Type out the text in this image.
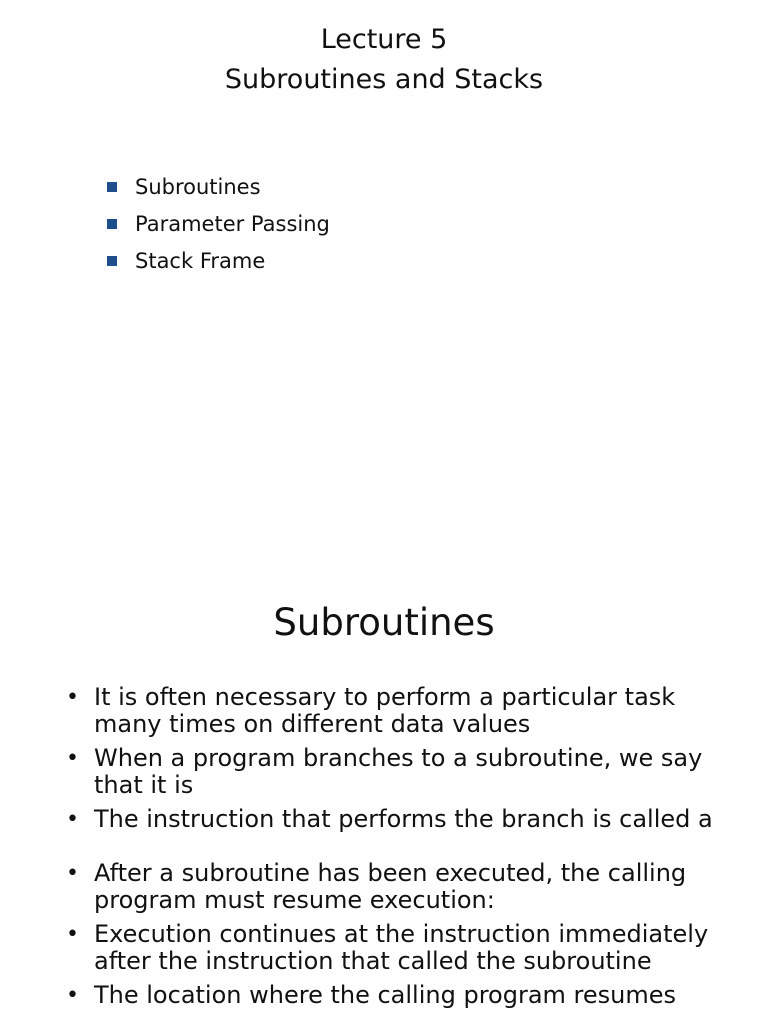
Lecture 5
Subroutines and Stacks
Subroutines
Parameter Passing
Stack Frame
Subroutines
• It is often necessary to perform a particular task
many times on different data values
• When a program branches to a subroutine, we say
that it is
• The instruction that performs the branch is called a
• After a subroutine has been executed, the calling
program must resume execution:
• Execution continues at the instruction immediately
after the instruction that called the subroutine
• The location where the calling program resumes
